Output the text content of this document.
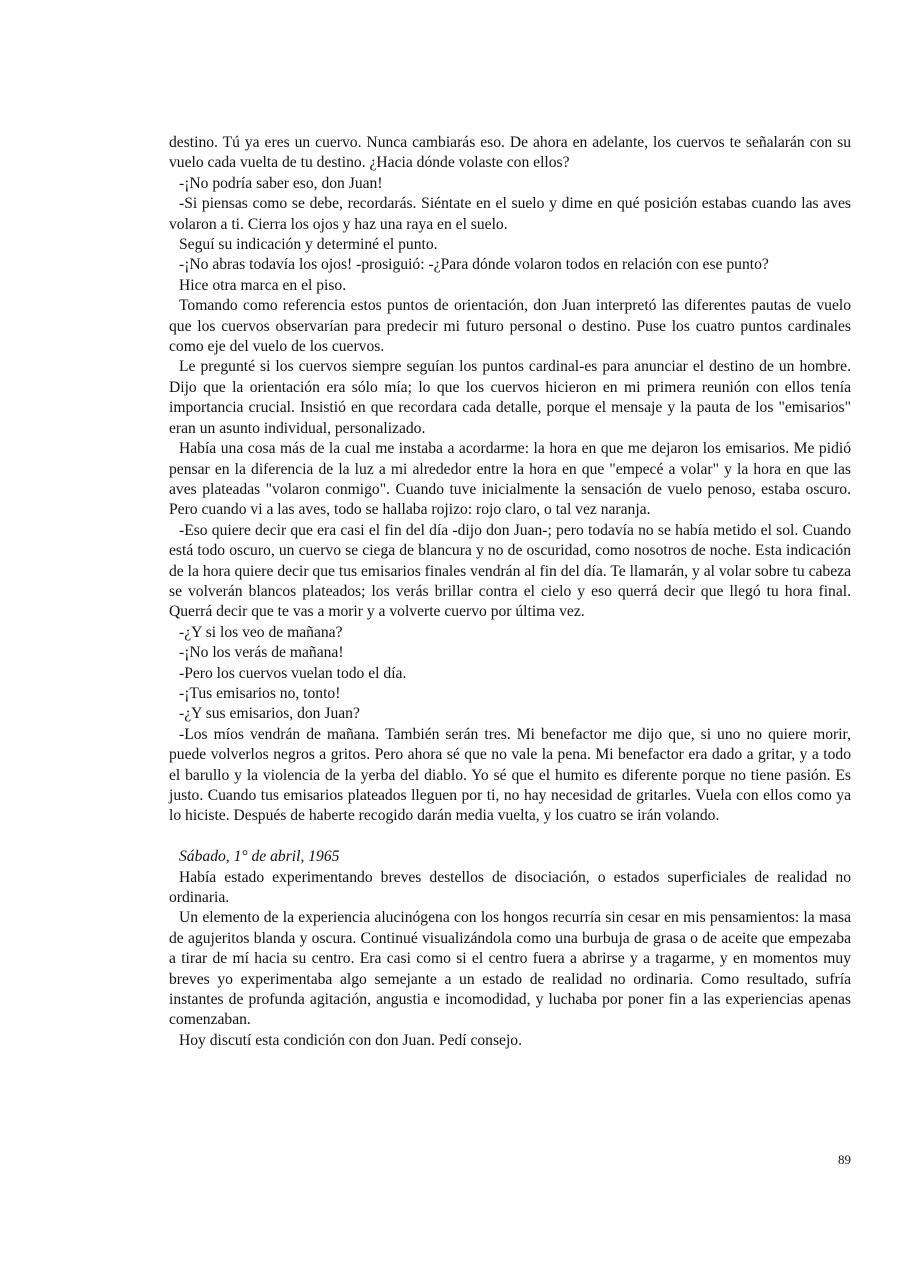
destino. Tú ya eres un cuervo. Nunca cambiarás eso. De ahora en adelante, los cuervos te señalarán con su vuelo cada vuelta de tu destino. ¿Hacia dónde volaste con ellos?

-¡No podría saber eso, don Juan!

-Si piensas como se debe, recordarás. Siéntate en el suelo y dime en qué posición estabas cuando las aves volaron a ti. Cierra los ojos y haz una raya en el suelo.

Seguí su indicación y determiné el punto.

-¡No abras todavía los ojos! -prosiguió: -¿Para dónde volaron todos en relación con ese punto?

Hice otra marca en el piso.

Tomando como referencia estos puntos de orientación, don Juan interpretó las diferentes pautas de vuelo que los cuervos observarían para predecir mi futuro personal o destino. Puse los cuatro puntos cardinales como eje del vuelo de los cuervos.

Le pregunté si los cuervos siempre seguían los puntos cardinal-es para anunciar el destino de un hombre. Dijo que la orientación era sólo mía; lo que los cuervos hicieron en mi primera reunión con ellos tenía importancia crucial. Insistió en que recordara cada detalle, porque el mensaje y la pauta de los "emisarios" eran un asunto individual, personalizado.

Había una cosa más de la cual me instaba a acordarme: la hora en que me dejaron los emisarios. Me pidió pensar en la diferencia de la luz a mi alrededor entre la hora en que "empecé a volar" y la hora en que las aves plateadas "volaron conmigo". Cuando tuve inicialmente la sensación de vuelo penoso, estaba oscuro. Pero cuando vi a las aves, todo se hallaba rojizo: rojo claro, o tal vez naranja.

-Eso quiere decir que era casi el fin del día -dijo don Juan-; pero todavía no se había metido el sol. Cuando está todo oscuro, un cuervo se ciega de blancura y no de oscuridad, como nosotros de noche. Esta indicación de la hora quiere decir que tus emisarios finales vendrán al fin del día. Te llamarán, y al volar sobre tu cabeza se volverán blancos plateados; los verás brillar contra el cielo y eso querrá decir que llegó tu hora final. Querrá decir que te vas a morir y a volverte cuervo por última vez.

-¿Y si los veo de mañana?

-¡No los verás de mañana!

-Pero los cuervos vuelan todo el día.

-¡Tus emisarios no, tonto!

-¿Y sus emisarios, don Juan?

-Los míos vendrán de mañana. También serán tres. Mi benefactor me dijo que, si uno no quiere morir, puede volverlos negros a gritos. Pero ahora sé que no vale la pena. Mi benefactor era dado a gritar, y a todo el barullo y la violencia de la yerba del diablo. Yo sé que el humito es diferente porque no tiene pasión. Es justo. Cuando tus emisarios plateados lleguen por ti, no hay necesidad de gritarles. Vuela con ellos como ya lo hiciste. Después de haberte recogido darán media vuelta, y los cuatro se irán volando.

Sábado, 1° de abril, 1965

Había estado experimentando breves destellos de disociación, o estados superficiales de realidad no ordinaria.

Un elemento de la experiencia alucinógena con los hongos recurría sin cesar en mis pensamientos: la masa de agujeritos blanda y oscura. Continué visualizándola como una burbuja de grasa o de aceite que empezaba a tirar de mí hacia su centro. Era casi como si el centro fuera a abrirse y a tragarme, y en momentos muy breves yo experimentaba algo semejante a un estado de realidad no ordinaria. Como resultado, sufría instantes de profunda agitación, angustia e incomodidad, y luchaba por poner fin a las experiencias apenas comenzaban.

Hoy discutí esta condición con don Juan. Pedí consejo.

89
